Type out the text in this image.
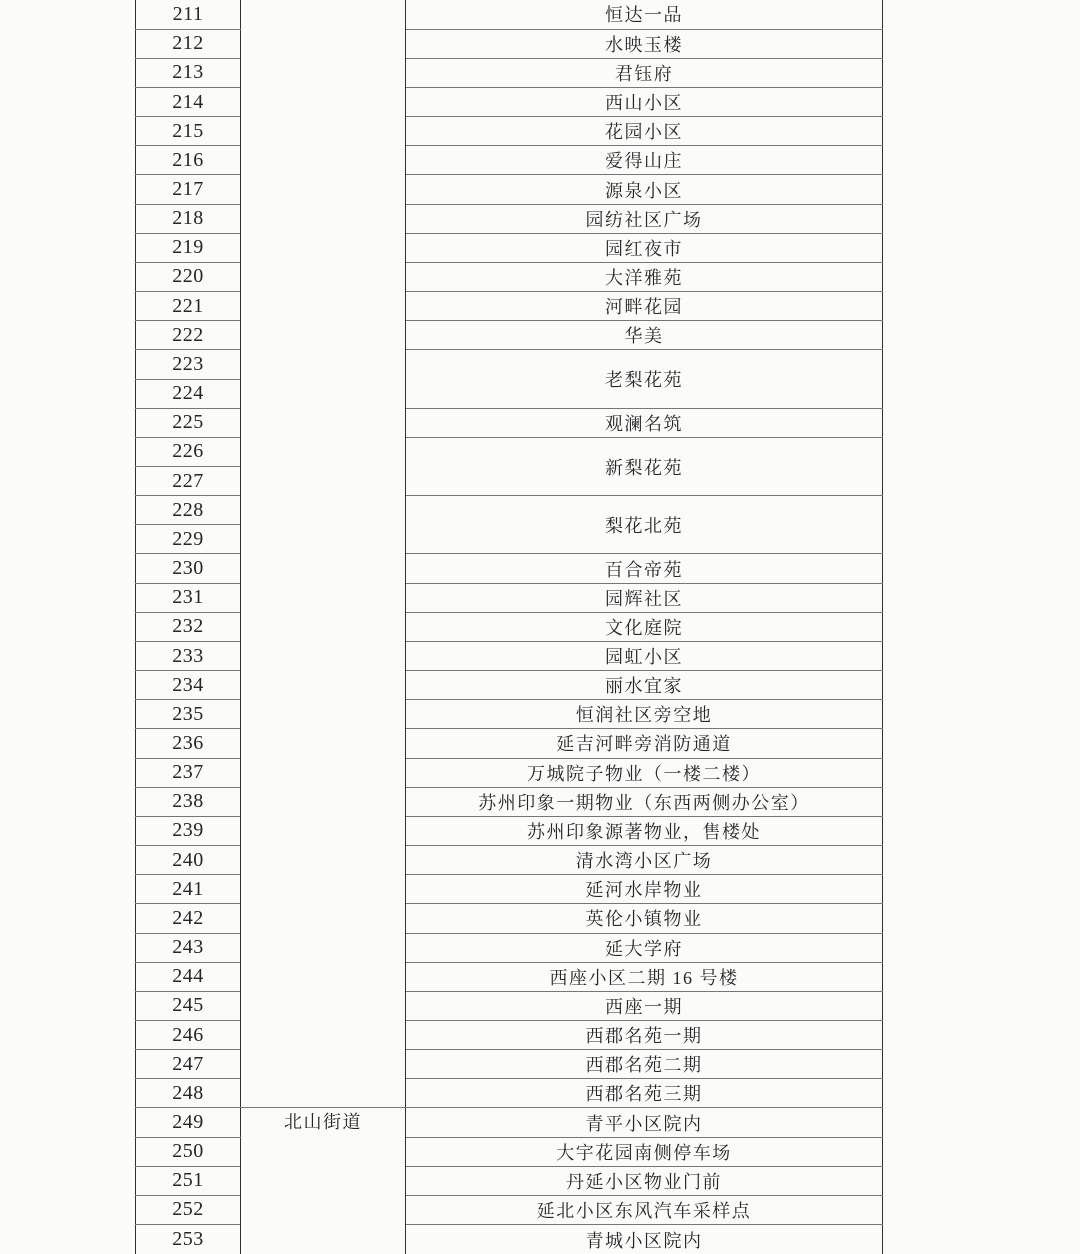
211		恒达一品
212		水映玉楼
213		君钰府
214		西山小区
215		花园小区
216		爱得山庄
217		源泉小区
218		园纺社区广场
219		园红夜市
220		大洋雅苑
221		河畔花园
222		华美
223		老梨花苑
224		
225		观澜名筑
226		新梨花苑
227		
228		梨花北苑
229		
230		百合帝苑
231		园辉社区
232		文化庭院
233		园虹小区
234		丽水宜家
235		恒润社区旁空地
236		延吉河畔旁消防通道
237		万城院子物业（一楼二楼）
238		苏州印象一期物业（东西两侧办公室）
239		苏州印象源著物业，售楼处
240		清水湾小区广场
241		延河水岸物业
242		英伦小镇物业
243		延大学府
244		西座小区二期 16 号楼
245		西座一期
246		西郡名苑一期
247		西郡名苑二期
248		西郡名苑三期
249	北山街道	青平小区院内
250		大宇花园南侧停车场
251		丹延小区物业门前
252		延北小区东风汽车采样点
253		青城小区院内
